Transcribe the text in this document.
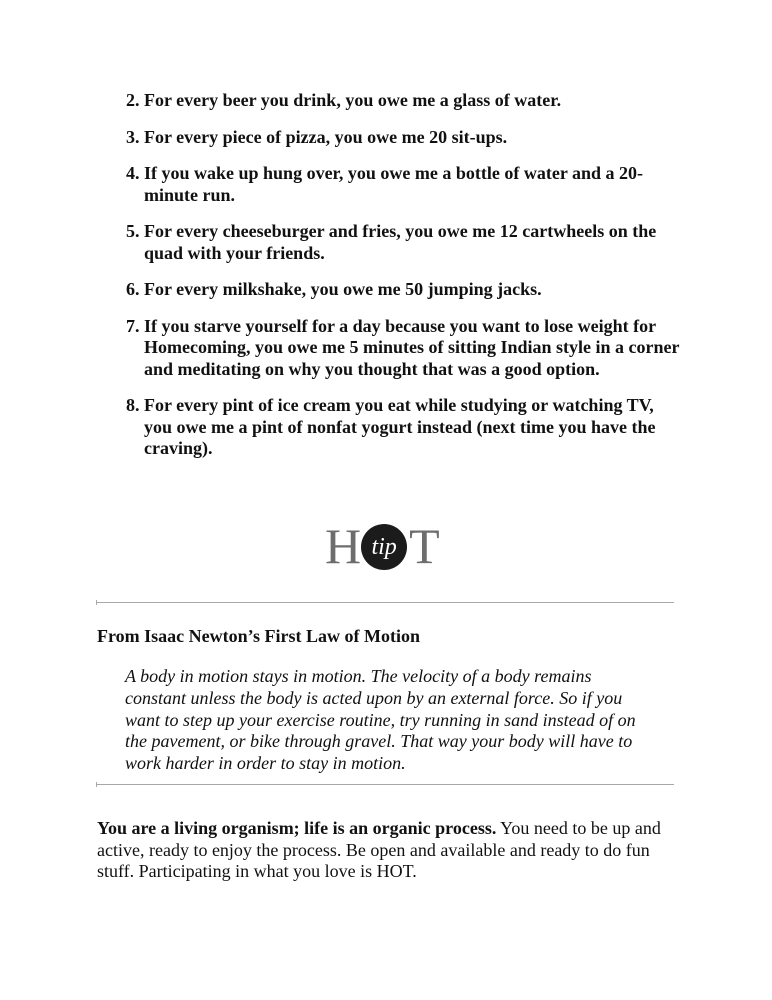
2. For every beer you drink, you owe me a glass of water.
3. For every piece of pizza, you owe me 20 sit-ups.
4. If you wake up hung over, you owe me a bottle of water and a 20-minute run.
5. For every cheeseburger and fries, you owe me 12 cartwheels on the quad with your friends.
6. For every milkshake, you owe me 50 jumping jacks.
7. If you starve yourself for a day because you want to lose weight for Homecoming, you owe me 5 minutes of sitting Indian style in a corner and meditating on why you thought that was a good option.
8. For every pint of ice cream you eat while studying or watching TV, you owe me a pint of nonfat yogurt instead (next time you have the craving).
H tip T
From Isaac Newton’s First Law of Motion

A body in motion stays in motion. The velocity of a body remains constant unless the body is acted upon by an external force. So if you want to step up your exercise routine, try running in sand instead of on the pavement, or bike through gravel. That way your body will have to work harder in order to stay in motion.

You are a living organism; life is an organic process. You need to be up and active, ready to enjoy the process. Be open and available and ready to do fun stuff. Participating in what you love is HOT.
